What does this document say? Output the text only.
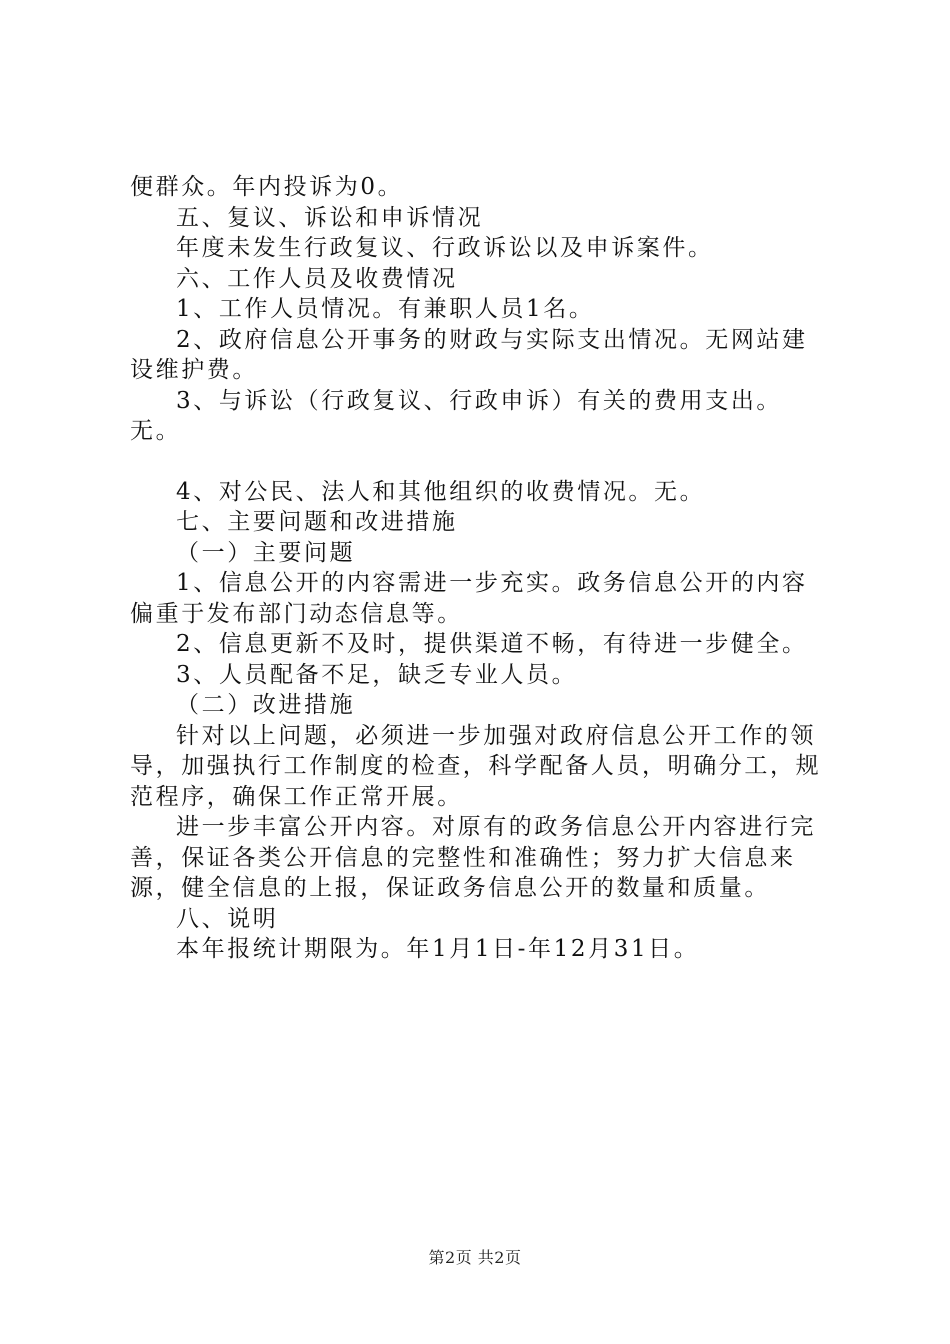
便群众。年内投诉为0。

五、复议、诉讼和申诉情况

年度未发生行政复议、行政诉讼以及申诉案件。

六、工作人员及收费情况

1、工作人员情况。有兼职人员1名。

2、政府信息公开事务的财政与实际支出情况。无网站建设维护费。

3、与诉讼（行政复议、行政申诉）有关的费用支出。无。

4、对公民、法人和其他组织的收费情况。无。

七、主要问题和改进措施

（一）主要问题

1、信息公开的内容需进一步充实。政务信息公开的内容偏重于发布部门动态信息等。

2、信息更新不及时，提供渠道不畅，有待进一步健全。

3、人员配备不足，缺乏专业人员。

（二）改进措施

针对以上问题，必须进一步加强对政府信息公开工作的领导，加强执行工作制度的检查，科学配备人员，明确分工，规范程序，确保工作正常开展。

进一步丰富公开内容。对原有的政务信息公开内容进行完善，保证各类公开信息的完整性和准确性；努力扩大信息来源，健全信息的上报，保证政务信息公开的数量和质量。

八、说明

本年报统计期限为。年1月1日-年12月31日。

第2页 共2页
